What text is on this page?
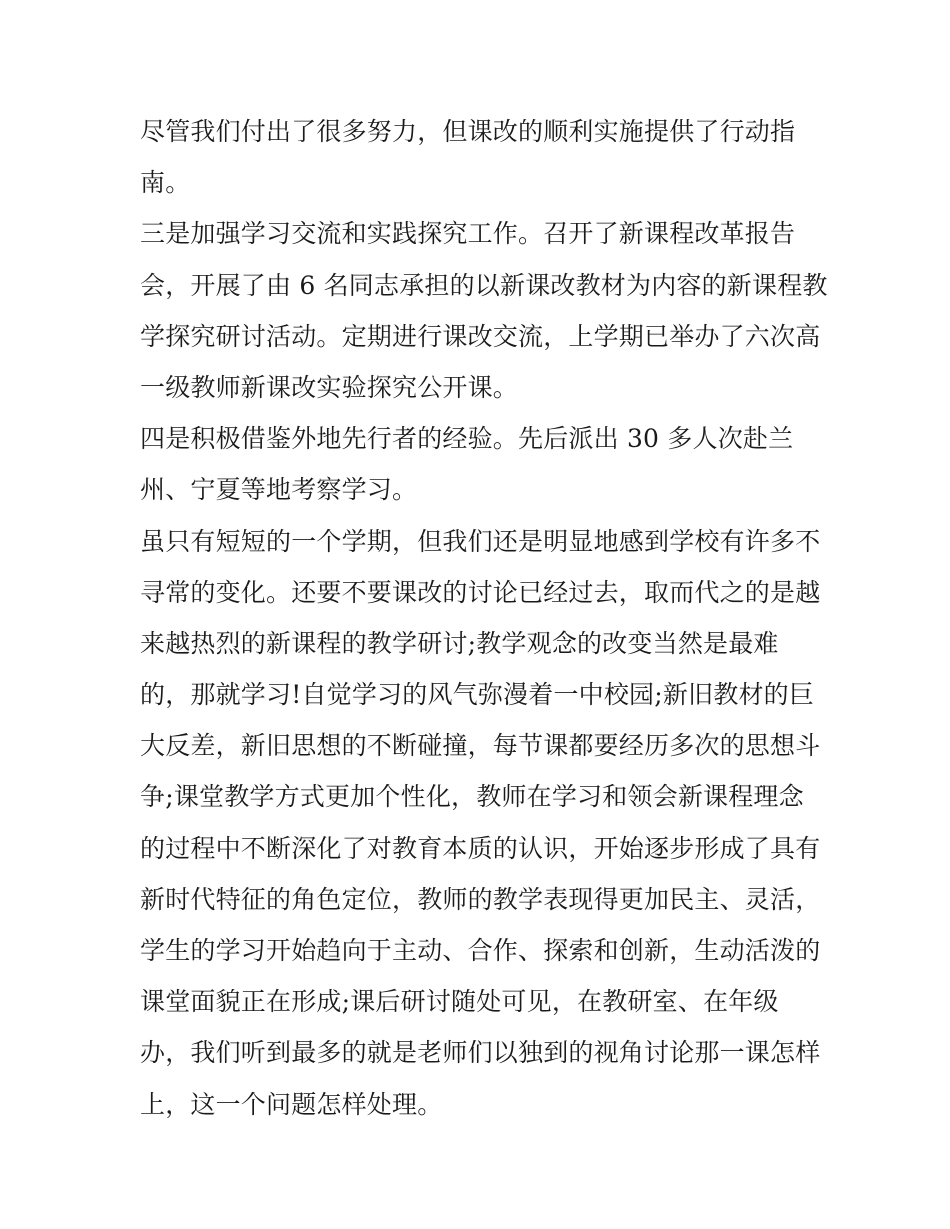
尽管我们付出了很多努力，但课改的顺利实施提供了行动指
南。
三是加强学习交流和实践探究工作。召开了新课程改革报告
会，开展了由 6 名同志承担的以新课改教材为内容的新课程教
学探究研讨活动。定期进行课改交流，上学期已举办了六次高
一级教师新课改实验探究公开课。
四是积极借鉴外地先行者的经验。先后派出 30 多人次赴兰
州、宁夏等地考察学习。
虽只有短短的一个学期，但我们还是明显地感到学校有许多不
寻常的变化。还要不要课改的讨论已经过去，取而代之的是越
来越热烈的新课程的教学研讨;教学观念的改变当然是最难
的，那就学习!自觉学习的风气弥漫着一中校园;新旧教材的巨
大反差，新旧思想的不断碰撞，每节课都要经历多次的思想斗
争;课堂教学方式更加个性化，教师在学习和领会新课程理念
的过程中不断深化了对教育本质的认识，开始逐步形成了具有
新时代特征的角色定位，教师的教学表现得更加民主、灵活，
学生的学习开始趋向于主动、合作、探索和创新，生动活泼的
课堂面貌正在形成;课后研讨随处可见，在教研室、在年级
办，我们听到最多的就是老师们以独到的视角讨论那一课怎样
上，这一个问题怎样处理。
